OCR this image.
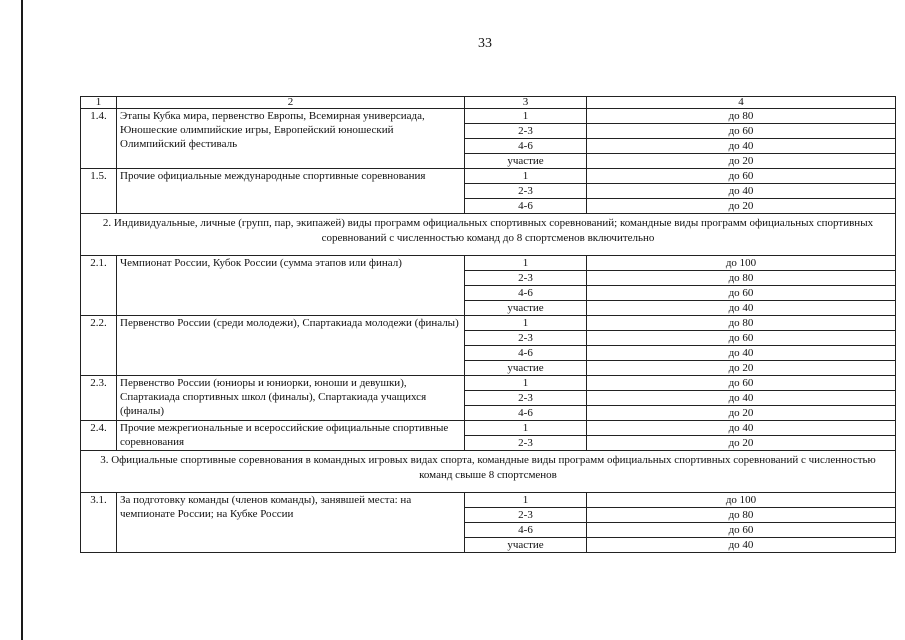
33
1	2	3	4
1.4.	Этапы Кубка мира, первенство Европы, Всемирная универсиада, Юношеские олимпийские игры, Европейский юношеский Олимпийский фестиваль	1	до 80
		2-3	до 60
		4-6	до 40
		участие	до 20
1.5.	Прочие официальные международные спортивные соревнования	1	до 60
		2-3	до 40
		4-6	до 20
2. Индивидуальные, личные (групп, пар, экипажей) виды программ официальных спортивных соревнований; командные виды программ официальных спортивных соревнований с численностью команд до 8 спортсменов включительно			
2.1.	Чемпионат России, Кубок России (сумма этапов или финал)	1	до 100
		2-3	до 80
		4-6	до 60
		участие	до 40
2.2.	Первенство России (среди молодежи), Спартакиада молодежи (финалы)	1	до 80
		2-3	до 60
		4-6	до 40
		участие	до 20
2.3.	Первенство России (юниоры и юниорки, юноши и девушки), Спартакиада спортивных школ (финалы), Спартакиада учащихся (финалы)	1	до 60
		2-3	до 40
		4-6	до 20
2.4.	Прочие межрегиональные и всероссийские официальные спортивные соревнования	1	до 40
		2-3	до 20
3. Официальные спортивные соревнования в командных игровых видах спорта, командные виды программ официальных спортивных соревнований с численностью команд свыше 8 спортсменов			
3.1.	За подготовку команды (членов команды), занявшей места: на чемпионате России; на Кубке России	1	до 100
		2-3	до 80
		4-6	до 60
		участие	до 40
